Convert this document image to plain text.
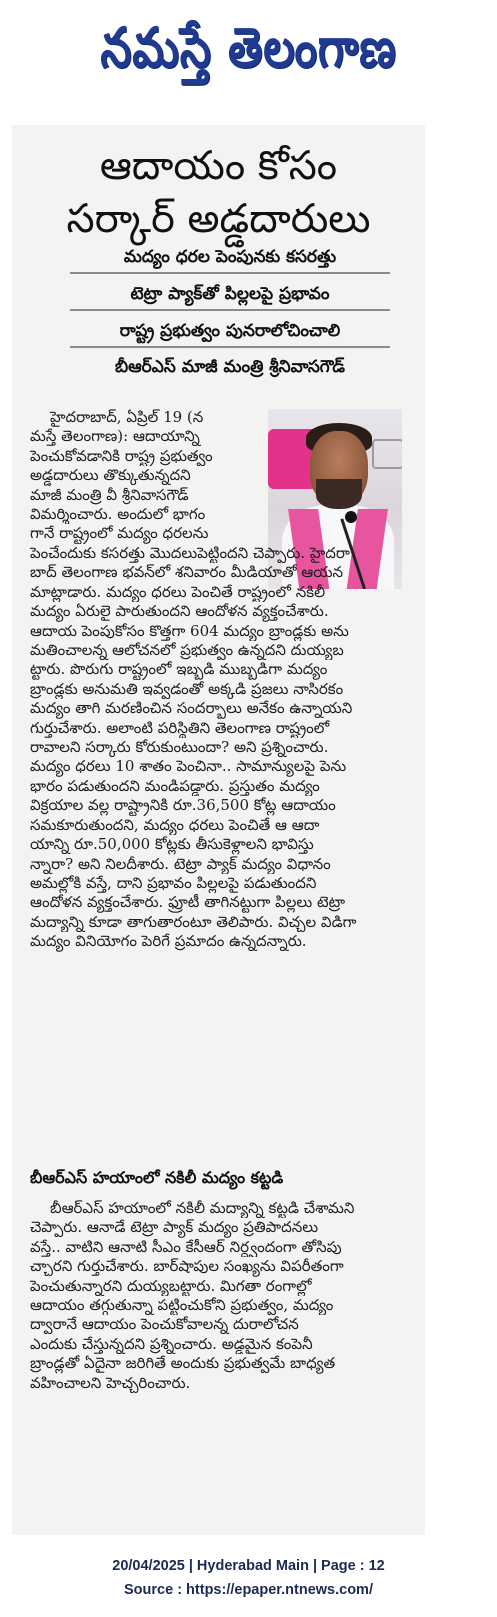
నమస్తే తెలంగాణ
ఆదాయం కోసం
సర్కార్ అడ్డదారులు
మద్యం ధరల పెంపునకు కసరత్తు
టెట్రా ప్యాక్‌తో పిల్లలపై ప్రభావం
రాష్ట్ర ప్రభుత్వం పునరాలోచించాలి
బీఆర్‌ఎస్ మాజీ మంత్రి శ్రీనివాసగౌడ్
హైదరాబాద్, ఏప్రిల్ 19 (న
మస్తే తెలంగాణ): ఆదాయాన్ని
పెంచుకోవడానికి రాష్ట్ర ప్రభుత్వం
అడ్డదారులు తొక్కుతున్నదని
మాజీ మంత్రి వీ శ్రీనివాసగౌడ్
విమర్శించారు. అందులో భాగం
గానే రాష్ట్రంలో మద్యం ధరలను
పెంచేందుకు కసరత్తు మొదలుపెట్టిందని చెప్పారు. హైదరా
బాద్ తెలంగాణ భవన్‌లో శనివారం మీడియాతో ఆయన
మాట్లాడారు. మద్యం ధరలు పెంచితే రాష్ట్రంలో నకిలీ
మద్యం ఏరులై పారుతుందని ఆందోళన వ్యక్తంచేశారు.
ఆదాయ పెంపుకోసం కొత్తగా 604 మద్యం బ్రాండ్లకు అను
మతించాలన్న ఆలోచనలో ప్రభుత్వం ఉన్నదని దుయ్యబ
ట్టారు. పొరుగు రాష్ట్రంలో ఇబ్బడి ముబ్బడిగా మద్యం
బ్రాండ్లకు అనుమతి ఇవ్వడంతో అక్కడి ప్రజలు నాసిరకం
మద్యం తాగి మరణించిన సందర్భాలు అనేకం ఉన్నాయని
గుర్తుచేశారు. అలాంటి పరిస్థితిని తెలంగాణ రాష్ట్రంలో
రావాలని సర్కారు కోరుకుంటుందా? అని ప్రశ్నించారు.
మద్యం ధరలు 10 శాతం పెంచినా.. సామాన్యులపై పెను
భారం పడుతుందని మండిపడ్డారు. ప్రస్తుతం మద్యం
విక్రయాల వల్ల రాష్ట్రానికి రూ.36,500 కోట్ల ఆదాయం
సమకూరుతుందని, మద్యం ధరలు పెంచితే ఆ ఆదా
యాన్ని రూ.50,000 కోట్లకు తీసుకెళ్లాలని భావిస్తు
న్నారా? అని నిలదీశారు. టెట్రా ప్యాక్ మద్యం విధానం
అమల్లోకి వస్తే, దాని ప్రభావం పిల్లలపై పడుతుందని
ఆందోళన వ్యక్తంచేశారు. ఫ్రూటీ తాగినట్టుగా పిల్లలు టెట్రా
మద్యాన్ని కూడా తాగుతారంటూ తెలిపారు. విచ్చల విడిగా
మద్యం వినియోగం పెరిగే ప్రమాదం ఉన్నదన్నారు.
బీఆర్‌ఎస్ హయాంలో నకిలీ మద్యం కట్టడి
బీఆర్‌ఎస్ హయాంలో నకిలీ మద్యాన్ని కట్టడి చేశామని
చెప్పారు. ఆనాడే టెట్రా ప్యాక్ మద్యం ప్రతిపాదనలు
వస్తే.. వాటిని ఆనాటి సీఎం కేసీఆర్ నిర్ద్వందంగా తోసిపు
చ్చారని గుర్తుచేశారు. బార్‌షాపుల సంఖ్యను విపరీతంగా
పెంచుతున్నారని దుయ్యబట్టారు. మిగతా రంగాల్లో
ఆదాయం తగ్గుతున్నా పట్టించుకోని ప్రభుత్వం, మద్యం
ద్వారానే ఆదాయం పెంచుకోవాలన్న దురాలోచన
ఎందుకు చేస్తున్నదని ప్రశ్నించారు. అడ్డమైన కంపెనీ
బ్రాండ్లతో ఏదైనా జరిగితే అందుకు ప్రభుత్వమే బాధ్యత
వహించాలని హెచ్చరించారు.
20/04/2025 | Hyderabad Main | Page : 12
Source : https://epaper.ntnews.com/
